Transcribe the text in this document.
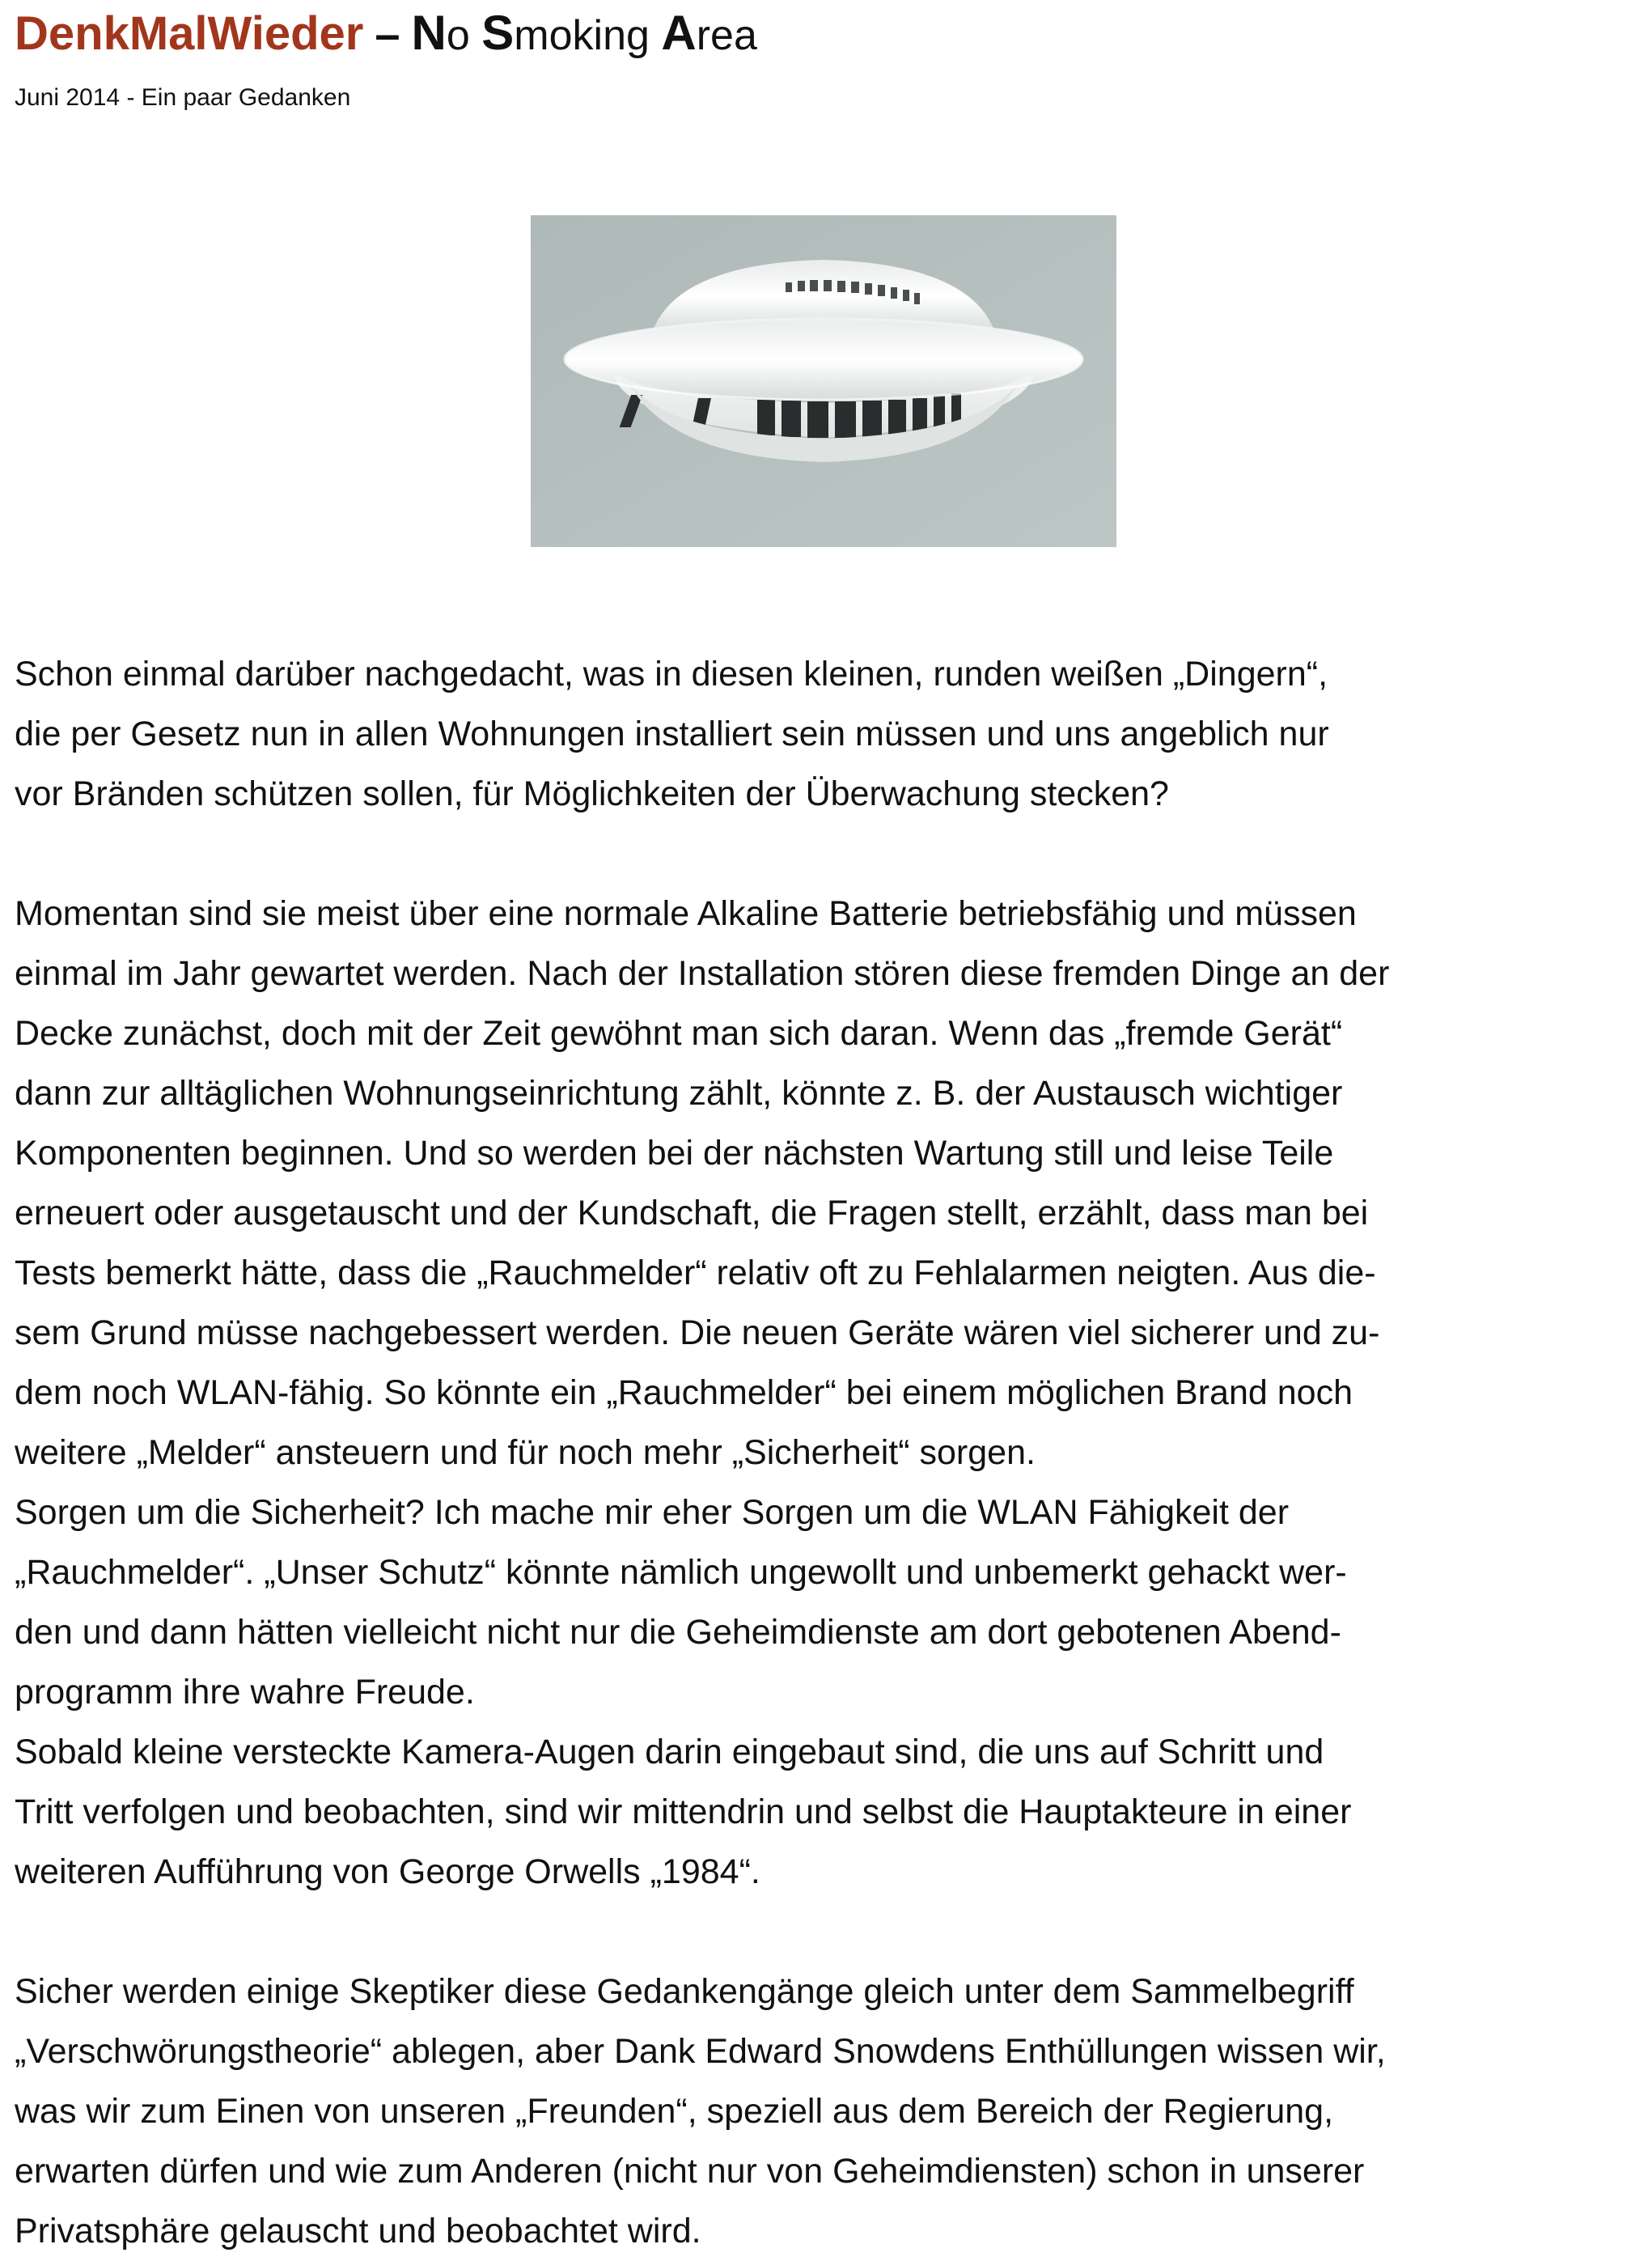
DenkMalWieder – No Smoking Area
Juni 2014 - Ein paar Gedanken

Schon einmal darüber nachgedacht, was in diesen kleinen, runden weißen „Dingern“,

die per Gesetz nun in allen Wohnungen installiert sein müssen und uns angeblich nur

vor Bränden schützen sollen, für Möglichkeiten der Überwachung stecken?

Momentan sind sie meist über eine normale Alkaline Batterie betriebsfähig und müssen

einmal im Jahr gewartet werden. Nach der Installation stören diese fremden Dinge an der

Decke zunächst, doch mit der Zeit gewöhnt man sich daran. Wenn das „fremde Gerät“

dann zur alltäglichen Wohnungseinrichtung zählt, könnte z. B. der Austausch wichtiger

Komponenten beginnen. Und so werden bei der nächsten Wartung still und leise Teile

erneuert oder ausgetauscht und der Kundschaft, die Fragen stellt, erzählt, dass man bei

Tests bemerkt hätte, dass die „Rauchmelder“ relativ oft zu Fehlalarmen neigten. Aus die-

sem Grund müsse nachgebessert werden. Die neuen Geräte wären viel sicherer und zu-

dem noch WLAN-fähig. So könnte ein „Rauchmelder“ bei einem möglichen Brand noch

weitere „Melder“ ansteuern und für noch mehr „Sicherheit“ sorgen.

Sorgen um die Sicherheit? Ich mache mir eher Sorgen um die WLAN Fähigkeit der

„Rauchmelder“. „Unser Schutz“ könnte nämlich ungewollt und unbemerkt gehackt wer-

den und dann hätten vielleicht nicht nur die Geheimdienste am dort gebotenen Abend-

programm ihre wahre Freude.

Sobald kleine versteckte Kamera-Augen darin eingebaut sind, die uns auf Schritt und

Tritt verfolgen und beobachten, sind wir mittendrin und selbst die Hauptakteure in einer

weiteren Aufführung von George Orwells „1984“.

Sicher werden einige Skeptiker diese Gedankengänge gleich unter dem Sammelbegriff

„Verschwörungstheorie“ ablegen, aber Dank Edward Snowdens Enthüllungen wissen wir,

was wir zum Einen von unseren „Freunden“, speziell aus dem Bereich der Regierung,

erwarten dürfen und wie zum Anderen (nicht nur von Geheimdiensten) schon in unserer

Privatsphäre gelauscht und beobachtet wird.
